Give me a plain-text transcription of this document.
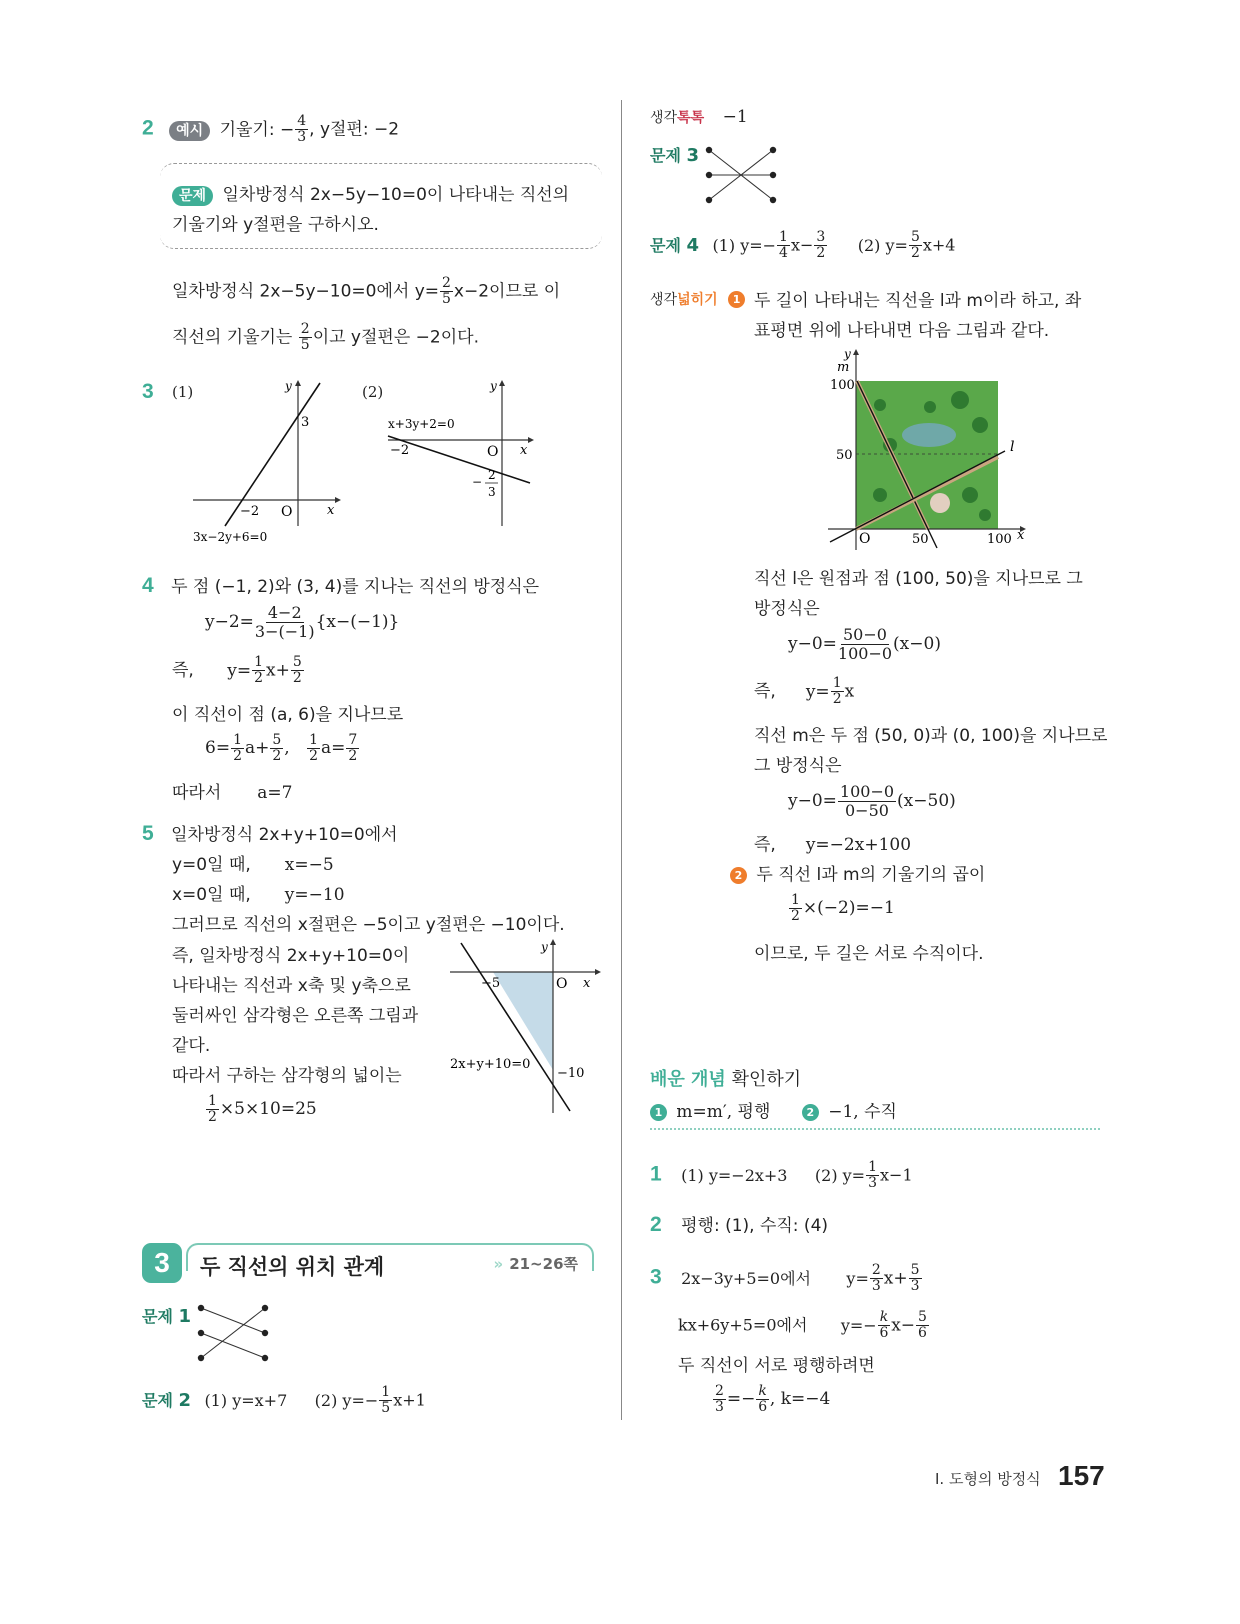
2 예시 기울기: − $\frac{4}{3}$ , y절편: −2
문제 일차방정식 2x−5y−10=0이 나타내는 직선의
기울기와 y절편을 구하시오.
일차방정식 2x−5y−10=0에서 $y= \frac{2}{5} x-2$이므로 이
직선의 기울기는 $\frac{2}{5}$ 이고 y절편은 −2이다.
3 (1)	(2)
y
3
−2 O	x
3x−2y+6=0
y
x+3y+2=0
−2	O x
− 2
3
4 두 점 (−1, 2)와 (3, 4)를 지나는 직선의 방정식은
$y-2= \frac{4-2}{3-(-1)} \{x-(-1)\}$
즉, $y= \frac{1}{2} x+ \frac{5}{2}$
이 직선이 점 (a, 6)을 지나므로
$6= \frac{1}{2} a+ \frac{5}{2}$ , $\frac{1}{2} a= \frac{7}{2}$
따라서 a=7
5 일차방정식 2x+y+10=0에서
y=0일 때, x=−5
x=0일 때, y=−10
그러므로 직선의 x절편은 −5이고 y절편은 −10이다.
즉, 일차방정식 2x+y+10=0이
나타내는 직선과 x축 및 y축으로
둘러싸인 삼각형은 오른쪽 그림과
같다.
따라서 구하는 삼각형의 넓이는
$\frac{1}{2} \times 5\times 10=25$
y
−5	O x
2x+y+10=0
−10
3	두 직선의 위치 관계	» 21~26쪽
문제 1
문제 2 (1) y=x+7 (2) $y=- \frac{1}{5} x+1$
생각톡톡 −1
문제 3
문제 4 (1) $y=- \frac{1}{4} x- \frac{3}{2} (2)$ $y= \frac{5}{2} x+4$
생각넓히기 1 두 길이 나타내는 직선을 l과 m이라 하고, 좌
표평면 위에 나타내면 다음 그림과 같다.
y
m
100
50
l
O	50	100 x
직선 l은 원점과 점 (100, 50)을 지나므로 그
방정식은
$y-0= \frac{50-0}{100-0} (x-0)$
즉, $y= \frac{1}{2}$ x
직선 m은 두 점 (50, 0)과 (0, 100)을 지나므로
그 방정식은
$y-0= \frac{100-0}{0-50} (x-50)$
즉, y=−2x+100
2 두 직선 l과 m의 기울기의 곱이
$\frac{1}{2} \times(-2)=-1$
이므로, 두 길은 서로 수직이다.
배운 개념 확인하기
1 m=m′, 평행	2 −1, 수직
1 (1) y=−2x+3 (2) $y= \frac{1}{3} x-1$
2 평행: (1), 수직: (4)
3 2x−3y+5=0에서 $y= \frac{2}{3} x+ \frac{5}{3}$
kx+6y+5=0에서 $y=- \frac{k}{6} x- \frac{5}{6}$
두 직선이 서로 평행하려면
$\frac{2}{3} =- \frac{k}{6}$ , k=−4
Ⅰ. 도형의 방정식 157
